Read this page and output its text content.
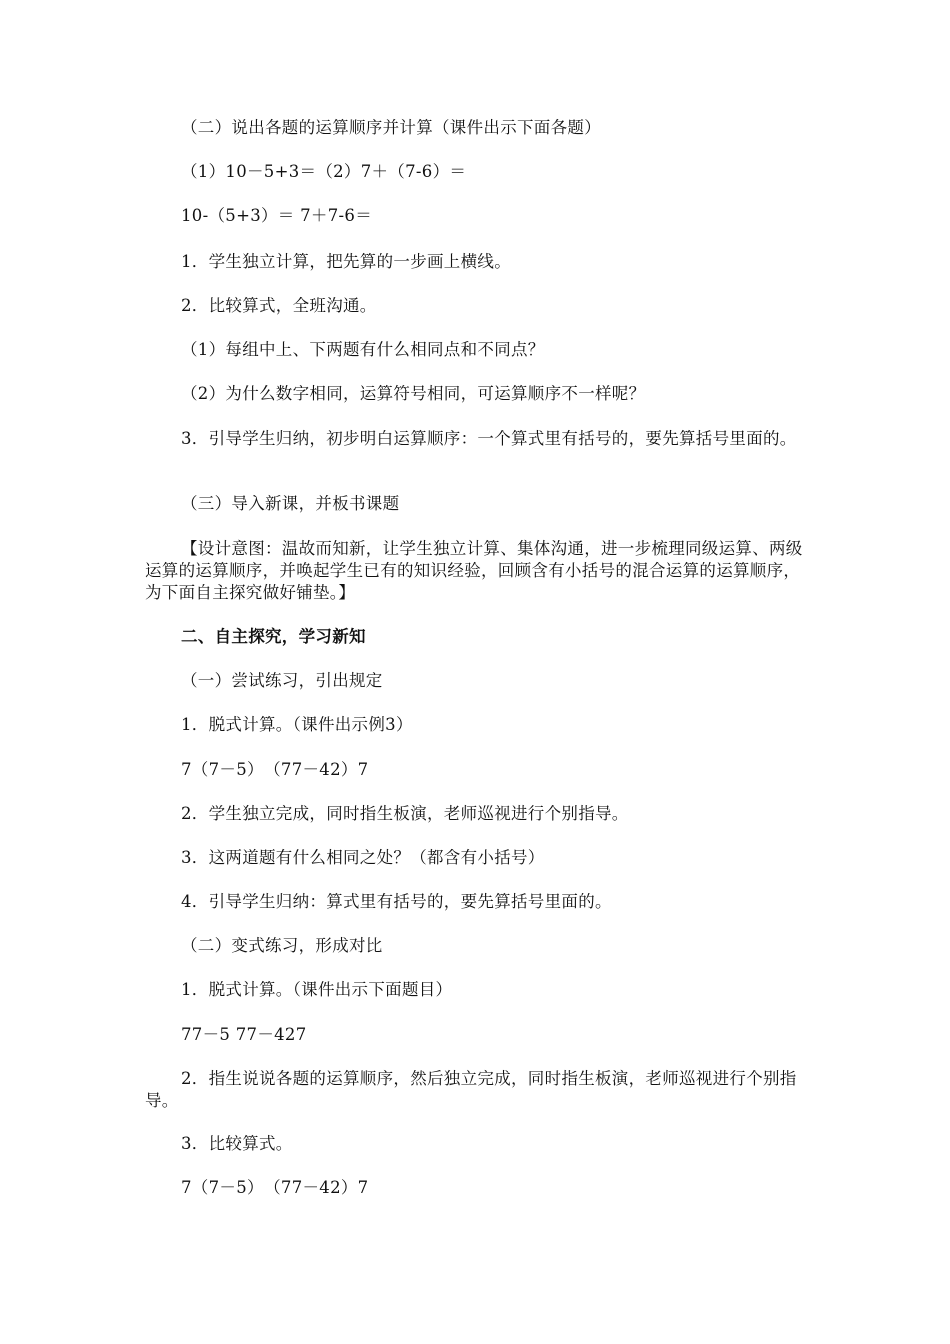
（二）说出各题的运算顺序并计算（课件出示下面各题）

（1）10－5+3＝（2）7＋（7-6）＝

10-（5+3）＝ 7＋7-6＝

1．学生独立计算，把先算的一步画上横线。

2．比较算式，全班沟通。

（1）每组中上、下两题有什么相同点和不同点？

（2）为什么数字相同，运算符号相同，可运算顺序不一样呢？

3．引导学生归纳，初步明白运算顺序：一个算式里有括号的，要先算括号里面的。

（三）导入新课，并板书课题

【设计意图：温故而知新，让学生独立计算、集体沟通，进一步梳理同级运算、两级运算的运算顺序，并唤起学生已有的知识经验，回顾含有小括号的混合运算的运算顺序，为下面自主探究做好铺垫。】

二、自主探究，学习新知

（一）尝试练习，引出规定

1．脱式计算。（课件出示例3）

7（7－5）　（77－42）7

2．学生独立完成，同时指生板演，老师巡视进行个别指导。

3．这两道题有什么相同之处？（都含有小括号）

4．引导学生归纳：算式里有括号的，要先算括号里面的。

（二）变式练习，形成对比

1．脱式计算。（课件出示下面题目）

77－5 77－427

2．指生说说各题的运算顺序，然后独立完成，同时指生板演，老师巡视进行个别指导。

3．比较算式。

7（7－5）　（77－42）7
